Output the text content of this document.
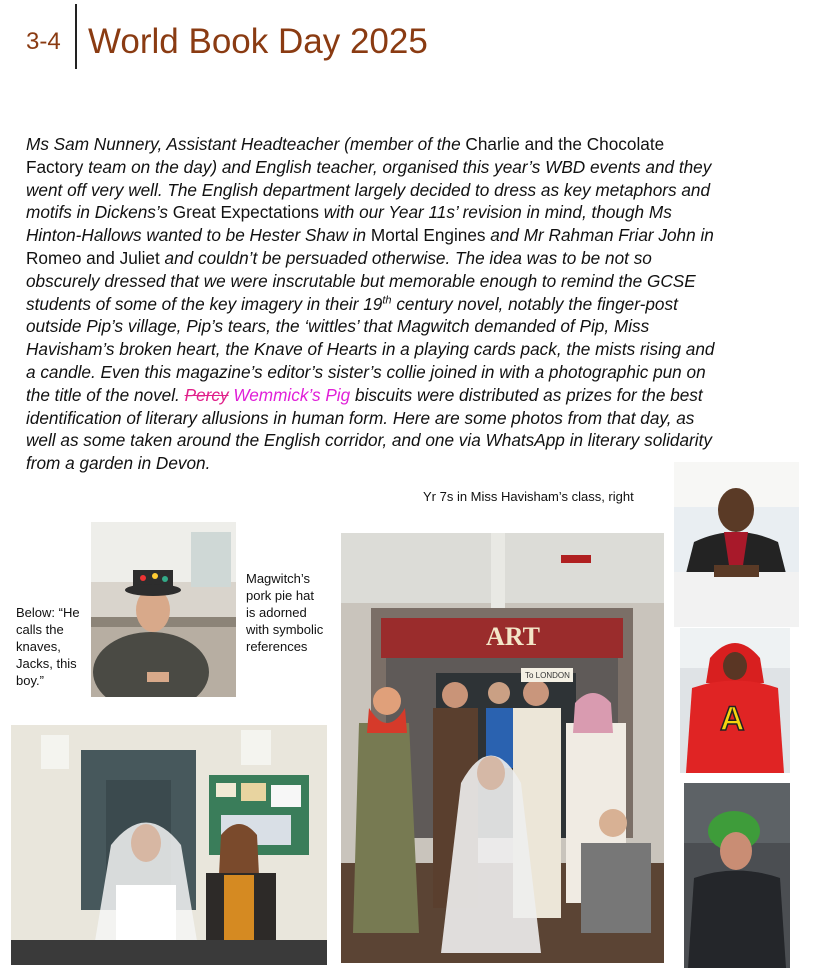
3-4 World Book Day 2025
Ms Sam Nunnery, Assistant Headteacher (member of the Charlie and the Chocolate Factory team on the day) and English teacher, organised this year’s WBD events and they went off very well. The English department largely decided to dress as key metaphors and motifs in Dickens’s Great Expectations with our Year 11s’ revision in mind, though Ms Hinton-Hallows wanted to be Hester Shaw in Mortal Engines and Mr Rahman Friar John in Romeo and Juliet and couldn’t be persuaded otherwise. The idea was to be not so obscurely dressed that we were inscrutable but memorable enough to remind the GCSE students of some of the key imagery in their 19th century novel, notably the finger-post outside Pip’s village, Pip’s tears, the ‘wittles’ that Magwitch demanded of Pip, Miss Havisham’s broken heart, the Knave of Hearts in a playing cards pack, the mists rising and a candle. Even this magazine’s editor’s sister’s collie joined in with a photographic pun on the title of the novel. Percy Wemmick’s Pig biscuits were distributed as prizes for the best identification of literary allusions in human form. Here are some photos from that day, as well as some taken around the English corridor, and one via WhatsApp in literary solidarity from a garden in Devon.
Yr 7s in Miss Havisham’s class, right
Magwitch’s pork pie hat is adorned with symbolic references
Below: “He calls the knaves, Jacks, this boy.”
ART
To LONDON
A
